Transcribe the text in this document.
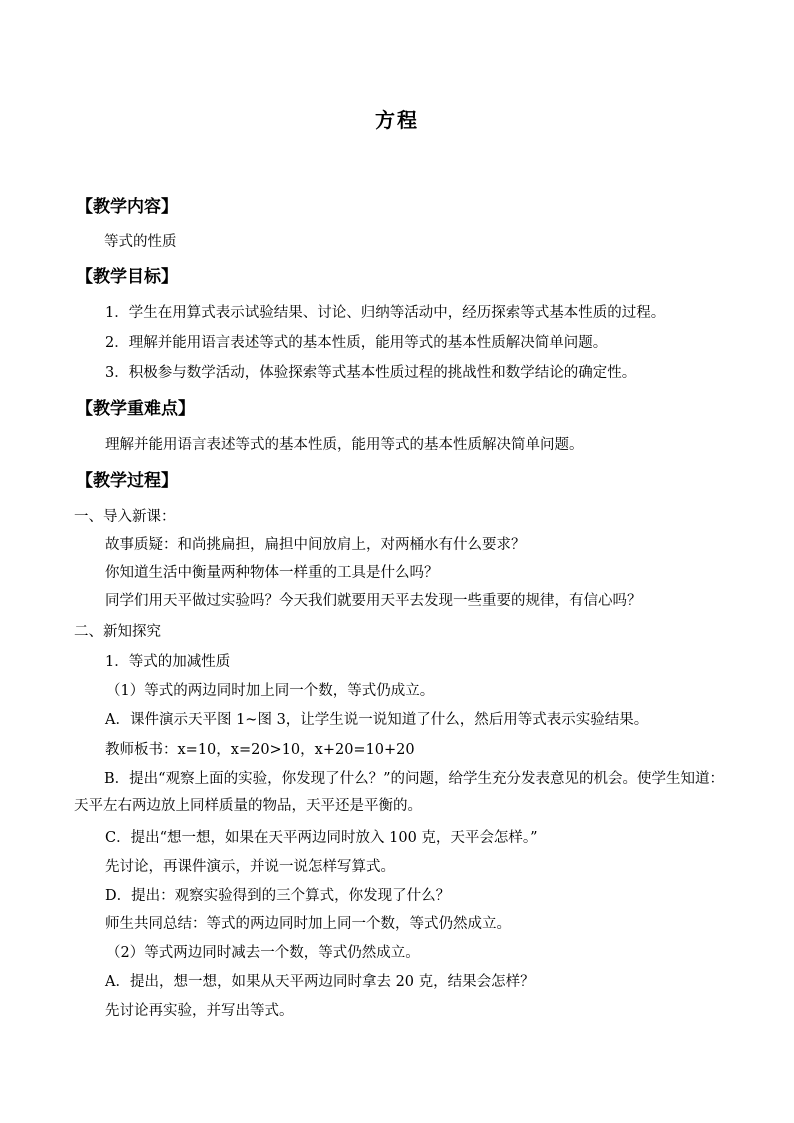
方程
【教学内容】
等式的性质
【教学目标】
1．学生在用算式表示试验结果、讨论、归纳等活动中，经历探索等式基本性质的过程。
2．理解并能用语言表述等式的基本性质，能用等式的基本性质解决简单问题。
3．积极参与数学活动，体验探索等式基本性质过程的挑战性和数学结论的确定性。
【教学重难点】
理解并能用语言表述等式的基本性质，能用等式的基本性质解决简单问题。
【教学过程】
一、导入新课：
故事质疑：和尚挑扁担，扁担中间放肩上，对两桶水有什么要求？
你知道生活中衡量两种物体一样重的工具是什么吗？
同学们用天平做过实验吗？今天我们就要用天平去发现一些重要的规律，有信心吗？
二、新知探究
1．等式的加减性质
（1）等式的两边同时加上同一个数，等式仍成立。
A．课件演示天平图 1~图 3，让学生说一说知道了什么，然后用等式表示实验结果。
教师板书：x=10，x=20>10，x+20=10+20
B．提出“观察上面的实验，你发现了什么？”的问题，给学生充分发表意见的机会。使学生知道：天平左右两边放上同样质量的物品，天平还是平衡的。
C．提出“想一想，如果在天平两边同时放入 100 克，天平会怎样。”
先讨论，再课件演示，并说一说怎样写算式。
D．提出：观察实验得到的三个算式，你发现了什么？
师生共同总结：等式的两边同时加上同一个数，等式仍然成立。
（2）等式两边同时减去一个数，等式仍然成立。
A．提出，想一想，如果从天平两边同时拿去 20 克，结果会怎样？
先讨论再实验，并写出等式。
